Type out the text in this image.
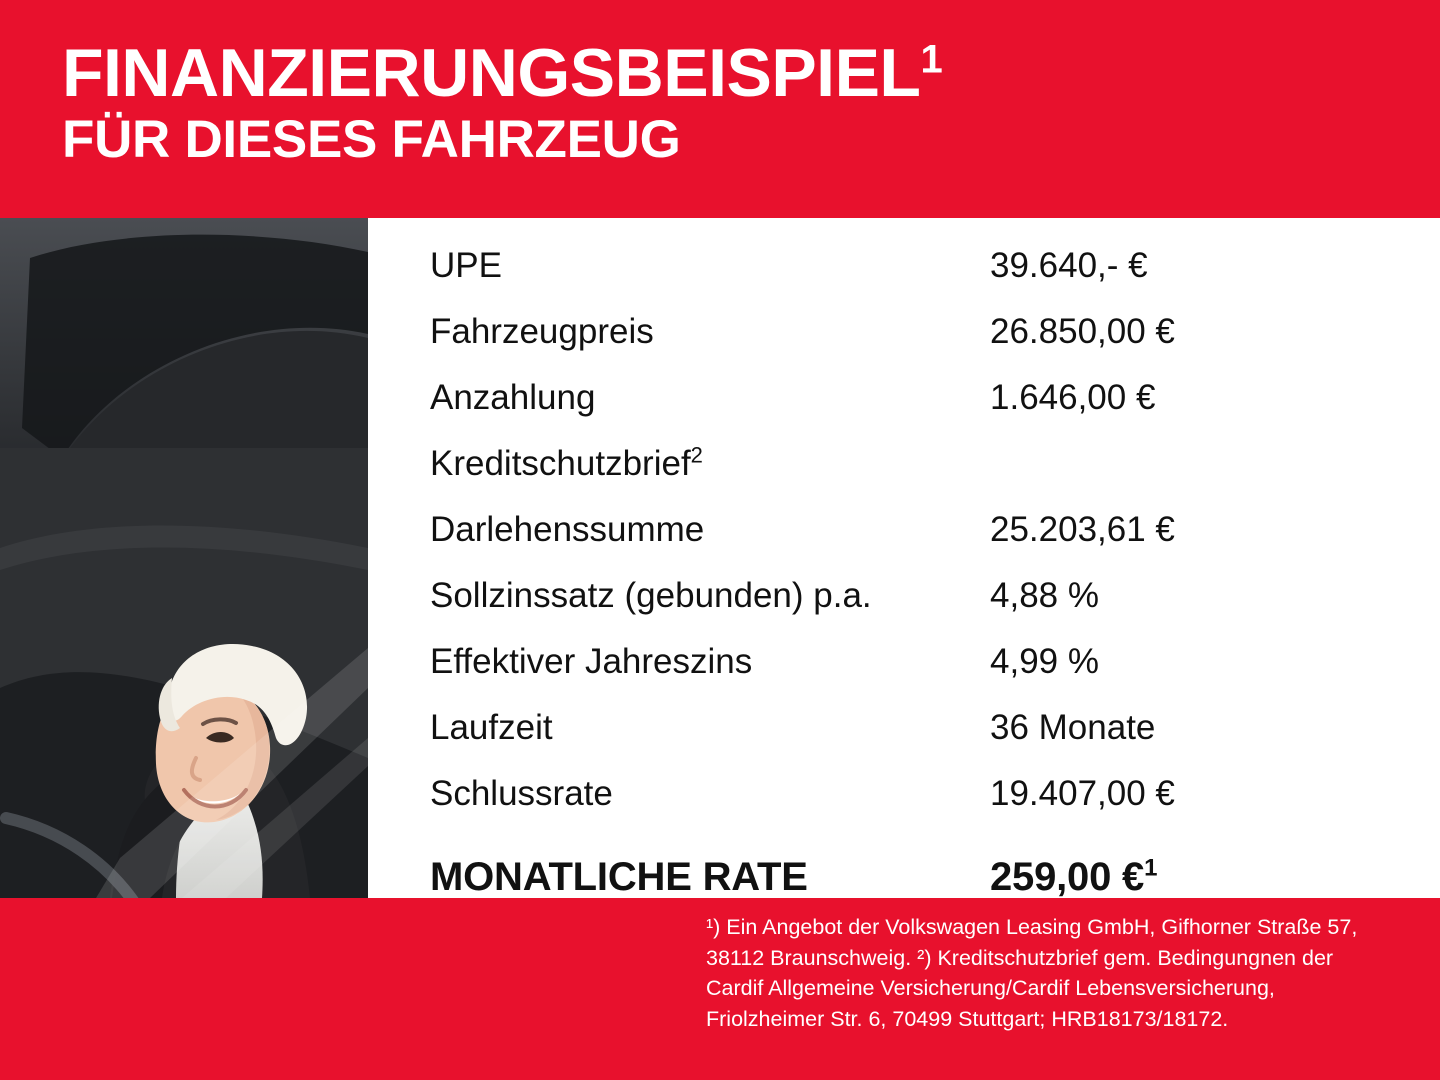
FINANZIERUNGSBEISPIEL$^1$
FÜR DIESES FAHRZEUG
UPE	39.640,- €
Fahrzeugpreis	26.850,00 €
Anzahlung	1.646,00 €
Kreditschutzbrief$^2$
Darlehenssumme	25.203,61 €
Sollzinssatz (gebunden) p.a.	4,88 %
Effektiver Jahreszins	4,99 %
Laufzeit	36 Monate
Schlussrate	19.407,00 €
MONATLICHE RATE	259,00 €$^1$
¹) Ein Angebot der Volkswagen Leasing GmbH, Gifhorner Straße 57, 38112 Braunschweig. ²) Kreditschutzbrief gem. Bedingungnen der Cardif Allgemeine Versicherung/Cardif Lebensversicherung, Friolzheimer Str. 6, 70499 Stuttgart; HRB18173/18172.
